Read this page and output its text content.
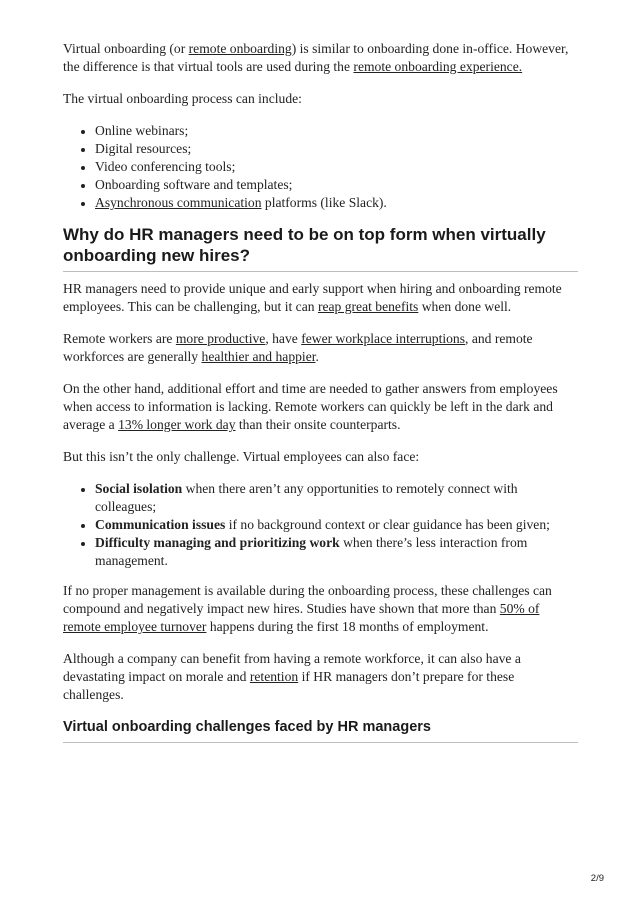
Virtual onboarding (or remote onboarding) is similar to onboarding done in-office. However, the difference is that virtual tools are used during the remote onboarding experience.

The virtual onboarding process can include:

• Online webinars;
• Digital resources;
• Video conferencing tools;
• Onboarding software and templates;
• Asynchronous communication platforms (like Slack).
Why do HR managers need to be on top form when virtually onboarding new hires?

HR managers need to provide unique and early support when hiring and onboarding remote employees. This can be challenging, but it can reap great benefits when done well.

Remote workers are more productive, have fewer workplace interruptions, and remote workforces are generally healthier and happier.

On the other hand, additional effort and time are needed to gather answers from employees when access to information is lacking. Remote workers can quickly be left in the dark and average a 13% longer work day than their onsite counterparts.

But this isn’t the only challenge. Virtual employees can also face:

• Social isolation when there aren’t any opportunities to remotely connect with colleagues;
• Communication issues if no background context or clear guidance has been given;
• Difficulty managing and prioritizing work when there’s less interaction from management.

If no proper management is available during the onboarding process, these challenges can compound and negatively impact new hires. Studies have shown that more than 50% of remote employee turnover happens during the first 18 months of employment.

Although a company can benefit from having a remote workforce, it can also have a devastating impact on morale and retention if HR managers don’t prepare for these challenges.

Virtual onboarding challenges faced by HR managers
2/9
